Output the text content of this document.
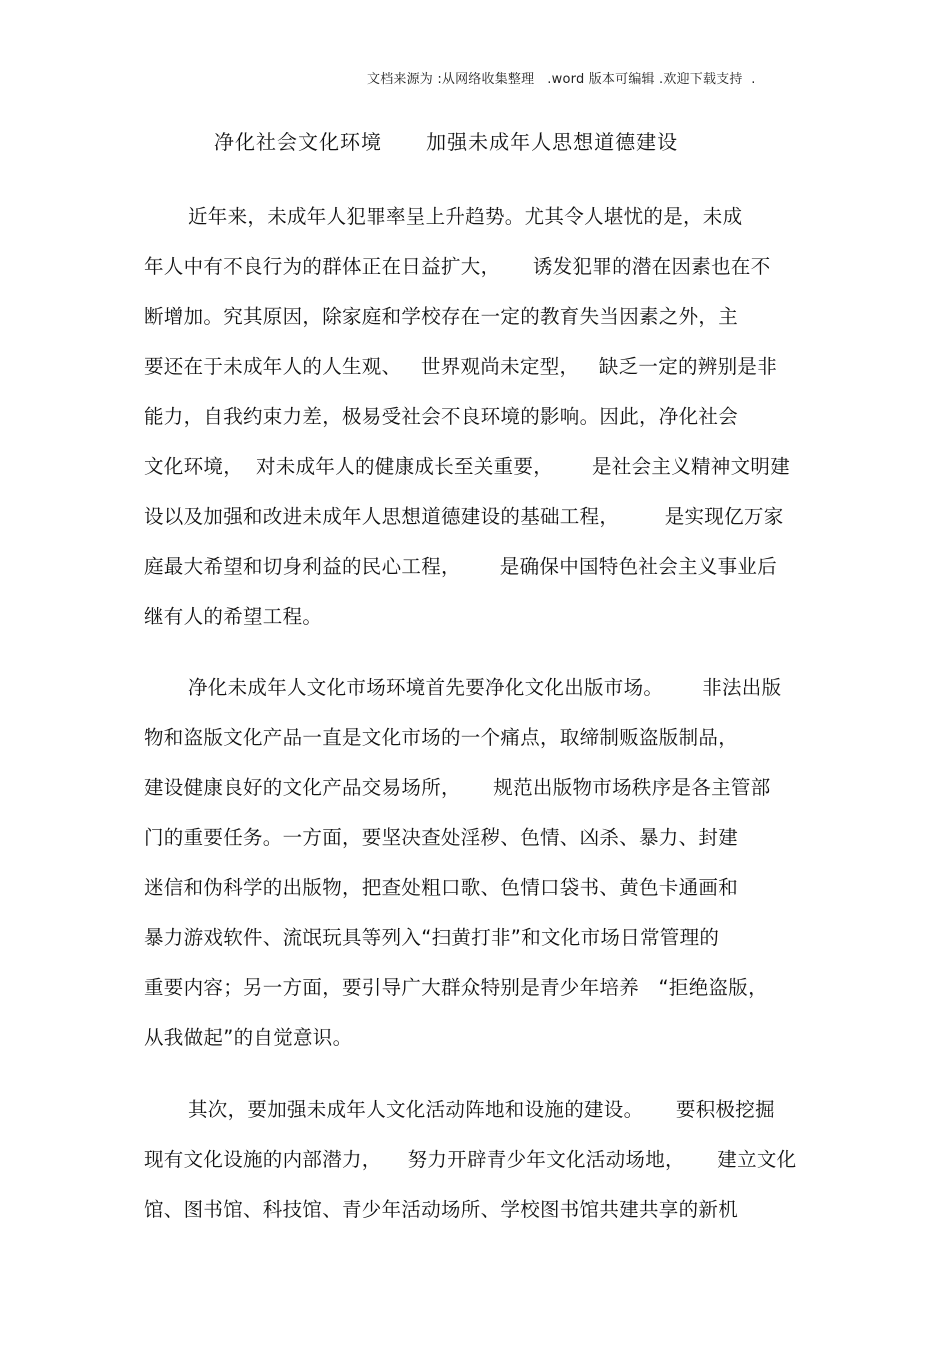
文档来源为 :从网络收集整理   .word 版本可编辑 .欢迎下载支持  .
净化社会文化环境      加强未成年人思想道德建设
近年来，未成年人犯罪率呈上升趋势。尤其令人堪忧的是，未成
年人中有不良行为的群体正在日益扩大，     诱发犯罪的潜在因素也在不
断增加。究其原因，除家庭和学校存在一定的教育失当因素之外，主
要还在于未成年人的人生观、   世界观尚未定型，   缺乏一定的辨别是非
能力，自我约束力差，极易受社会不良环境的影响。因此，净化社会
文化环境，  对未成年人的健康成长至关重要，      是社会主义精神文明建
设以及加强和改进未成年人思想道德建设的基础工程，       是实现亿万家
庭最大希望和切身利益的民心工程，      是确保中国特色社会主义事业后
继有人的希望工程。
净化未成年人文化市场环境首先要净化文化出版市场。      非法出版
物和盗版文化产品一直是文化市场的一个痛点，取缔制贩盗版制品，
建设健康良好的文化产品交易场所，     规范出版物市场秩序是各主管部
门的重要任务。一方面，要坚决查处淫秽、色情、凶杀、暴力、封建
迷信和伪科学的出版物，把查处粗口歌、色情口袋书、黄色卡通画和
暴力游戏软件、流氓玩具等列入“扫黄打非”和文化市场日常管理的
重要内容；另一方面，要引导广大群众特别是青少年培养   “拒绝盗版，
从我做起”的自觉意识。
其次，要加强未成年人文化活动阵地和设施的建设。     要积极挖掘
现有文化设施的内部潜力，    努力开辟青少年文化活动场地，     建立文化
馆、图书馆、科技馆、青少年活动场所、学校图书馆共建共享的新机
